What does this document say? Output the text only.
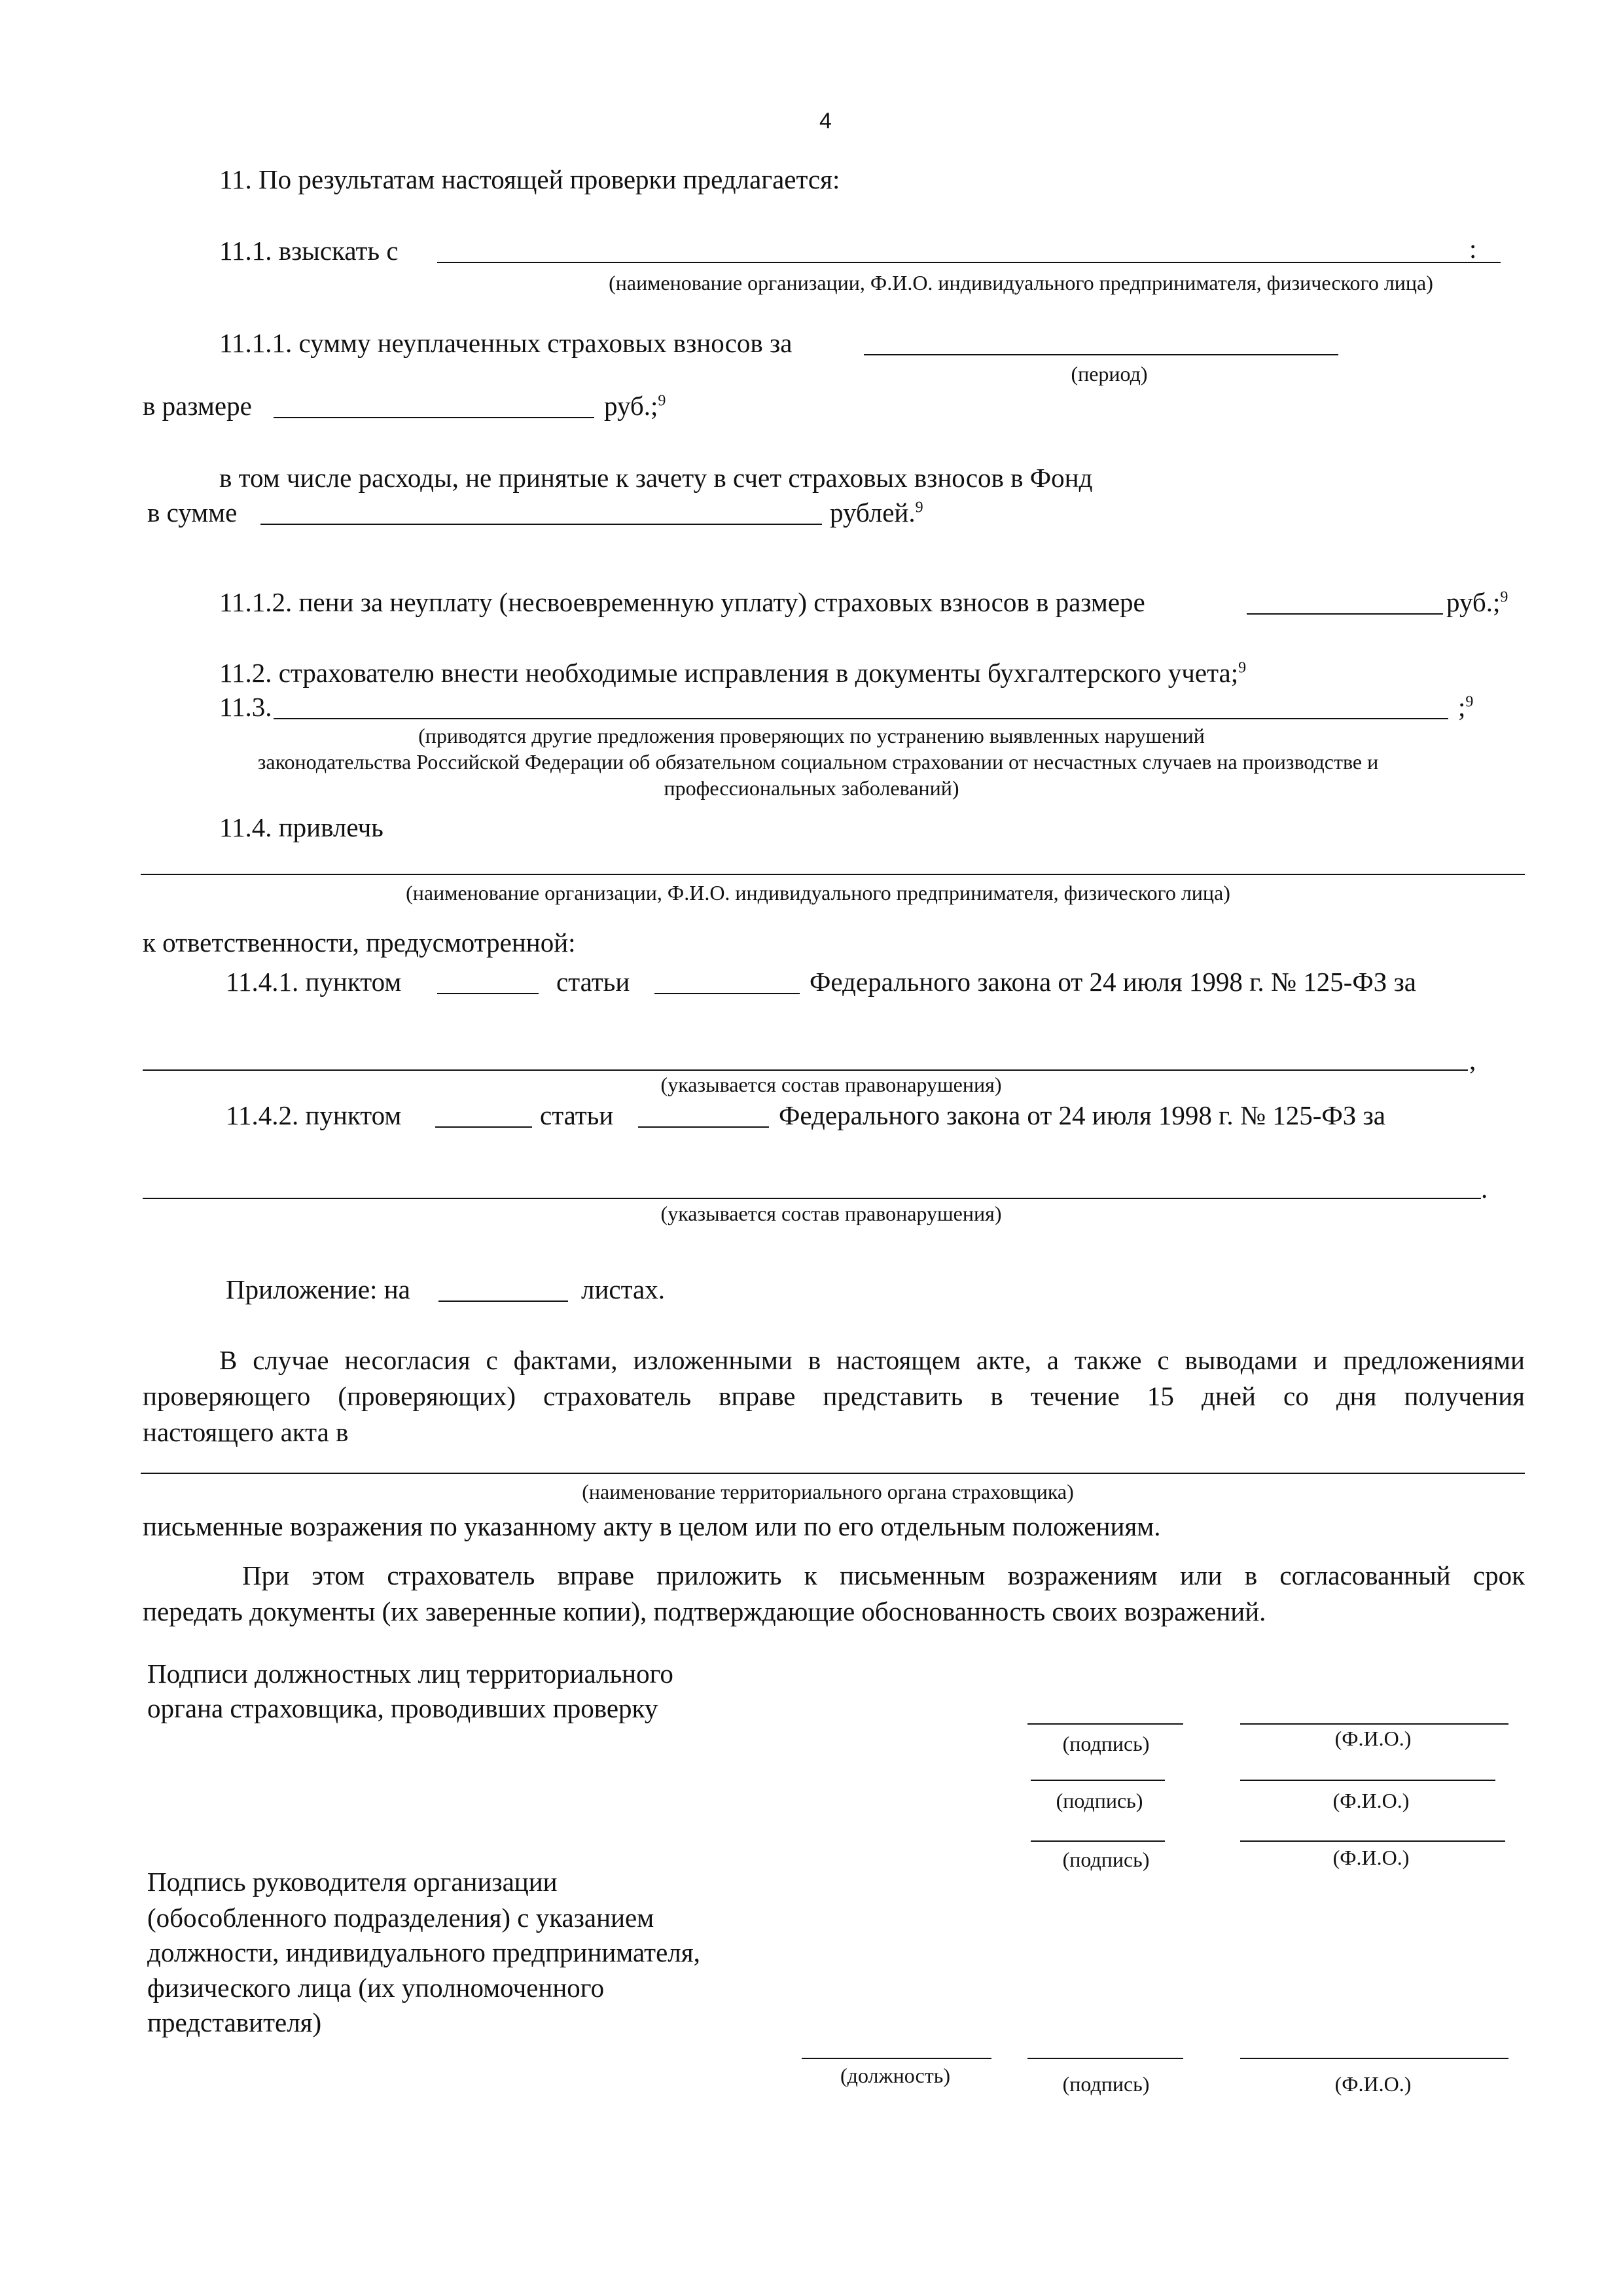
4
11. По результатам настоящей проверки предлагается:
11.1. взыскать с	:
(наименование организации, Ф.И.О. индивидуального предпринимателя, физического лица)
11.1.1. сумму неуплаченных страховых взносов за
(период)
в размере	руб.;$^9$
в том числе расходы, не принятые к зачету в счет страховых взносов в Фонд
в сумме	рублей.$^9$
11.1.2. пени за неуплату (несвоевременную уплату) страховых взносов в размере	руб.;$^9$
11.2. страхователю внести необходимые исправления в документы бухгалтерского учета;$^9$
11.3.	;$^9$
(приводятся другие предложения проверяющих по устранению выявленных нарушений
законодательства Российской Федерации об обязательном социальном страховании от несчастных случаев на производстве и
профессиональных заболеваний)
11.4. привлечь
(наименование организации, Ф.И.О. индивидуального предпринимателя, физического лица)
к ответственности, предусмотренной:
11.4.1. пунктом	статьи	Федерального закона от 24 июля 1998 г. № 125-ФЗ за
,
(указывается состав правонарушения)
11.4.2. пунктом	статьи	Федерального закона от 24 июля 1998 г. № 125-ФЗ за
.
(указывается состав правонарушения)
Приложение: на	листах.
В случае несогласия с фактами, изложенными в настоящем акте, а также с выводами и предложениями
проверяющего (проверяющих) страхователь вправе представить в течение 15 дней со дня получения
настоящего акта в
(наименование территориального органа страховщика)
письменные возражения по указанному акту в целом или по его отдельным положениям.
При этом страхователь вправе приложить к письменным возражениям или в согласованный срок
передать документы (их заверенные копии), подтверждающие обоснованность своих возражений.
Подписи должностных лиц территориального
органа страховщика, проводивших проверку
(подпись)	(Ф.И.О.)
(подпись)	(Ф.И.О.)
(подпись)	(Ф.И.О.)
Подпись руководителя организации
(обособленного подразделения) с указанием
должности, индивидуального предпринимателя,
физического лица (их уполномоченного
представителя)
(должность)	(подпись)	(Ф.И.О.)
